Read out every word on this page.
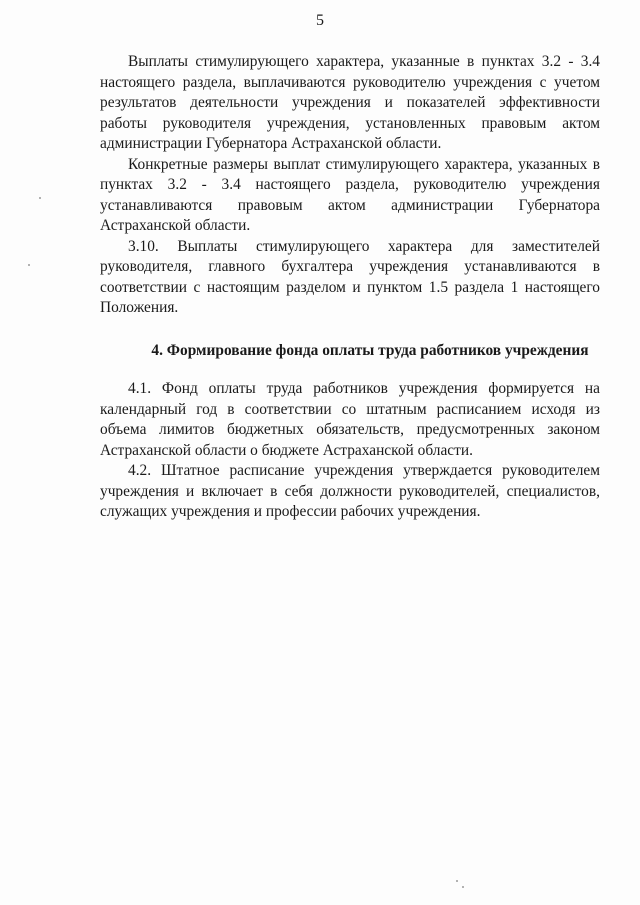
5

Выплаты стимулирующего характера, указанные в пунктах 3.2 - 3.4 настоящего раздела, выплачиваются руководителю учреждения с учетом результатов деятельности учреждения и показателей эффективности работы руководителя учреждения, установленных правовым актом администрации Губернатора Астраханской области.

Конкретные размеры выплат стимулирующего характера, указанных в пунктах 3.2 - 3.4 настоящего раздела, руководителю учреждения устанавливаются правовым актом администрации Губернатора Астраханской области.

3.10. Выплаты стимулирующего характера для заместителей руководителя, главного бухгалтера учреждения устанавливаются в соответствии с настоящим разделом и пунктом 1.5 раздела 1 настоящего Положения.

4. Формирование фонда оплаты труда работников учреждения

4.1. Фонд оплаты труда работников учреждения формируется на календарный год в соответствии со штатным расписанием исходя из объема лимитов бюджетных обязательств, предусмотренных законом Астраханской области о бюджете Астраханской области.

4.2. Штатное расписание учреждения утверждается руководителем учреждения и включает в себя должности руководителей, специалистов, служащих учреждения и профессии рабочих учреждения.
